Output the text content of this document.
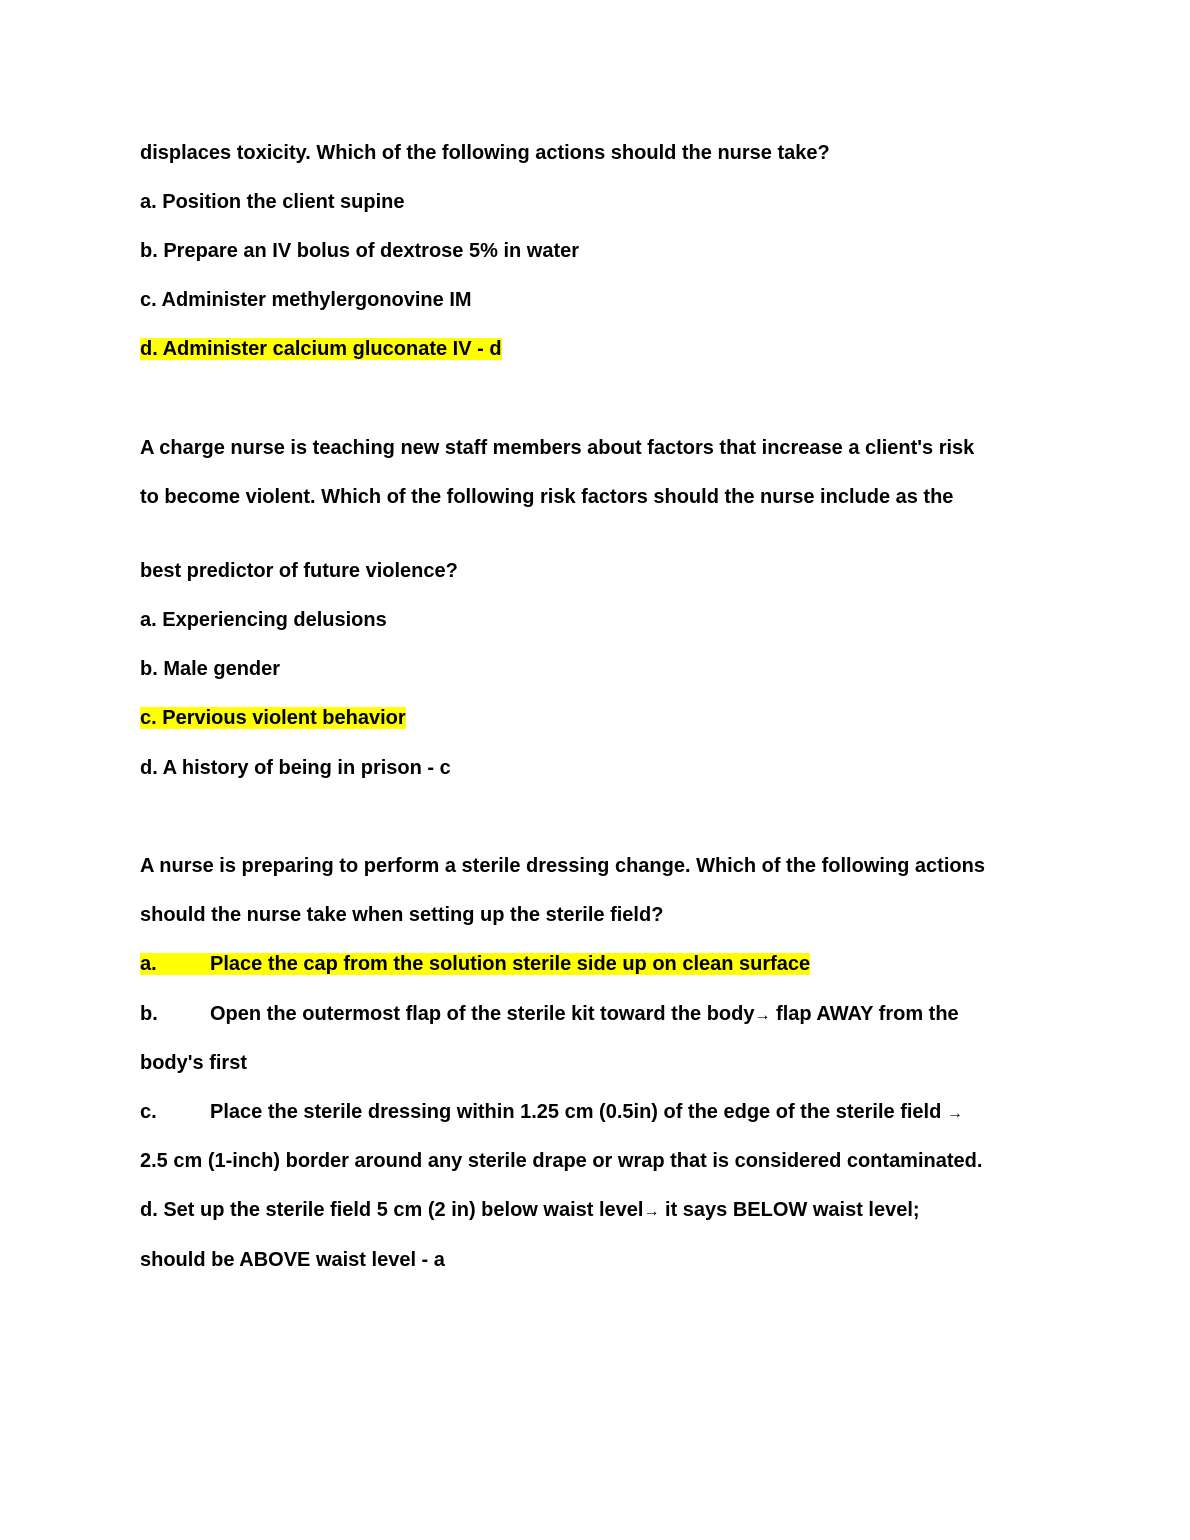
displaces toxicity. Which of the following actions should the nurse take?
a. Position the client supine
b. Prepare an IV bolus of dextrose 5% in water
c. Administer methylergonovine IM
d. Administer calcium gluconate IV - d
A charge nurse is teaching new staff members about factors that increase a client's risk
to become violent. Which of the following risk factors should the nurse include as the
best predictor of future violence?
a. Experiencing delusions
b. Male gender
c. Pervious violent behavior
d. A history of being in prison - c
A nurse is preparing to perform a sterile dressing change. Which of the following actions
should the nurse take when setting up the sterile field?
a.	Place the cap from the solution sterile side up on clean surface
b.	Open the outermost flap of the sterile kit toward the body→ flap AWAY from the
body's first
c.	Place the sterile dressing within 1.25 cm (0.5in) of the edge of the sterile field →
2.5 cm (1-inch) border around any sterile drape or wrap that is considered contaminated.
d. Set up the sterile field 5 cm (2 in) below waist level→ it says BELOW waist level;
should be ABOVE waist level - a
